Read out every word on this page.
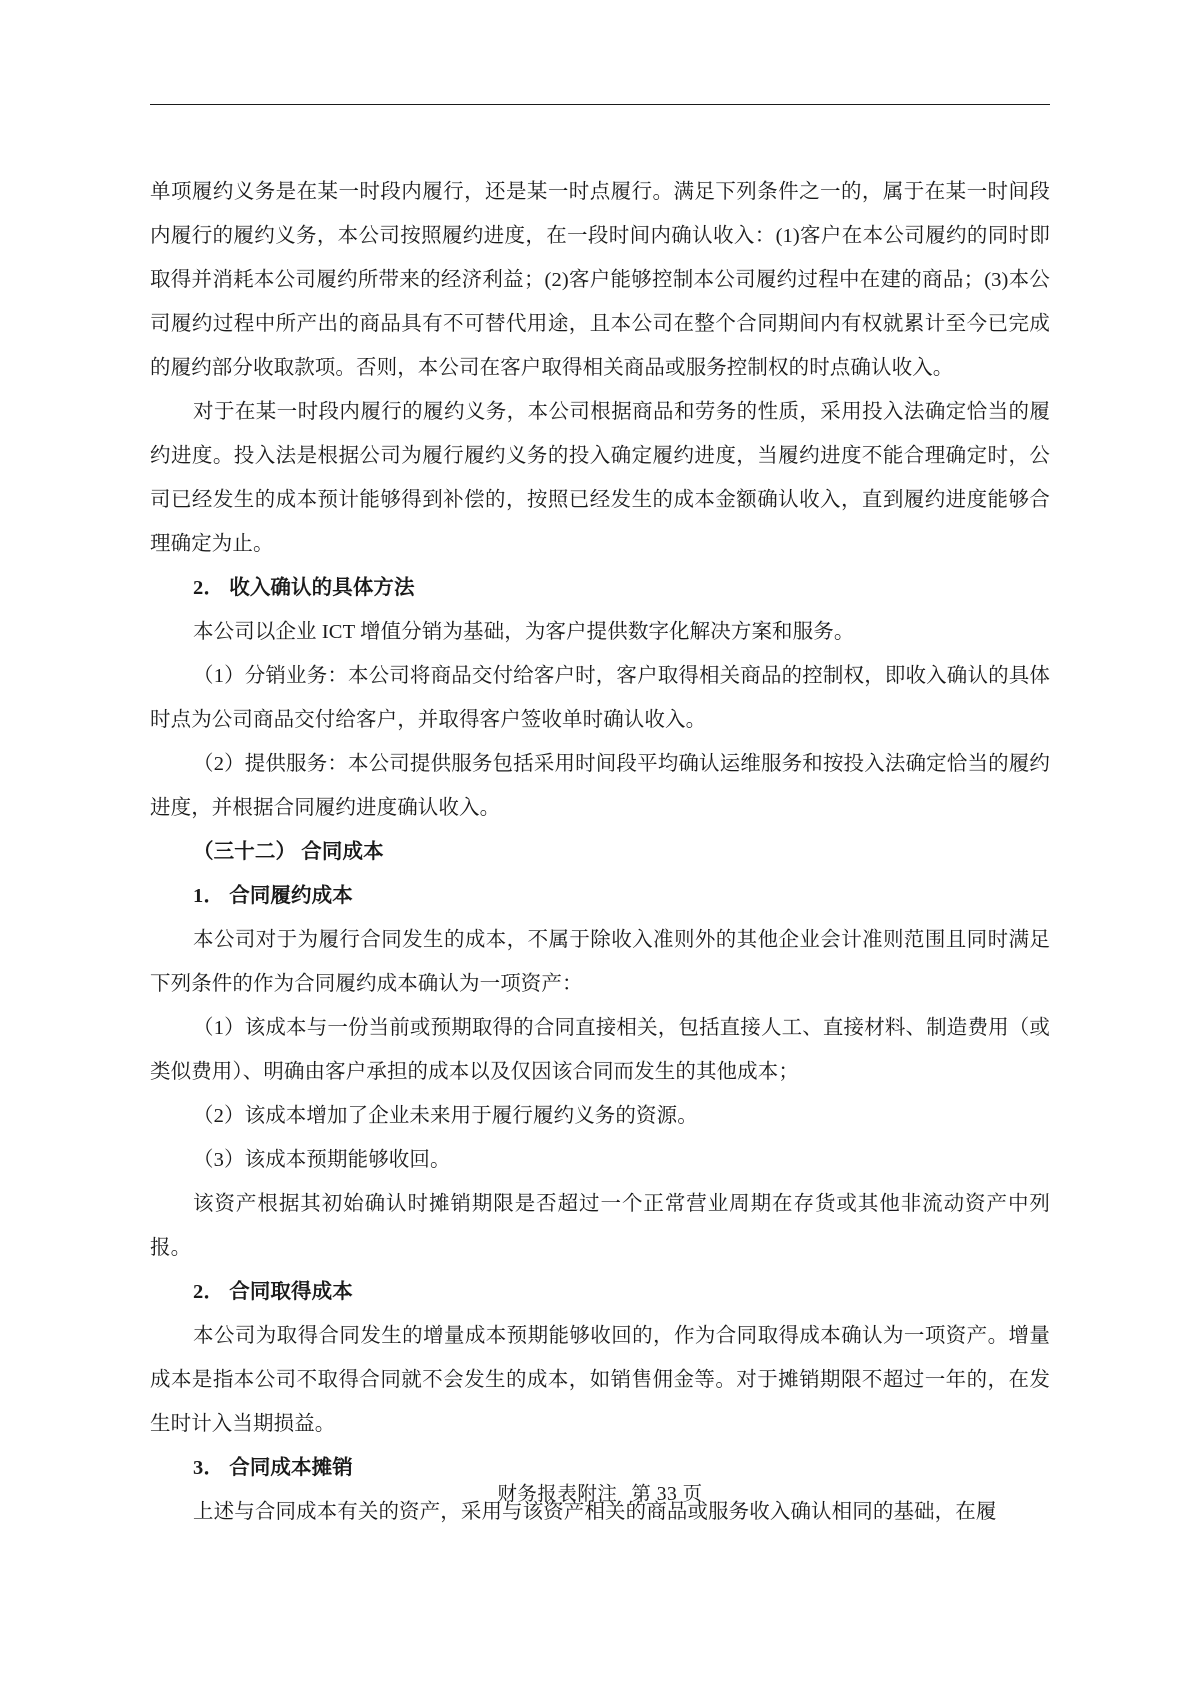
单项履约义务是在某一时段内履行，还是某一时点履行。满足下列条件之一的，属于在某一时间段内履行的履约义务，本公司按照履约进度，在一段时间内确认收入：(1)客户在本公司履约的同时即取得并消耗本公司履约所带来的经济利益；(2)客户能够控制本公司履约过程中在建的商品；(3)本公司履约过程中所产出的商品具有不可替代用途，且本公司在整个合同期间内有权就累计至今已完成的履约部分收取款项。否则，本公司在客户取得相关商品或服务控制权的时点确认收入。

对于在某一时段内履行的履约义务，本公司根据商品和劳务的性质，采用投入法确定恰当的履约进度。投入法是根据公司为履行履约义务的投入确定履约进度，当履约进度不能合理确定时，公司已经发生的成本预计能够得到补偿的，按照已经发生的成本金额确认收入，直到履约进度能够合理确定为止。

2． 收入确认的具体方法

本公司以企业 ICT 增值分销为基础，为客户提供数字化解决方案和服务。

（1）分销业务：本公司将商品交付给客户时，客户取得相关商品的控制权，即收入确认的具体时点为公司商品交付给客户，并取得客户签收单时确认收入。

（2）提供服务：本公司提供服务包括采用时间段平均确认运维服务和按投入法确定恰当的履约进度，并根据合同履约进度确认收入。

（三十二） 合同成本

1． 合同履约成本

本公司对于为履行合同发生的成本，不属于除收入准则外的其他企业会计准则范围且同时满足下列条件的作为合同履约成本确认为一项资产：

（1）该成本与一份当前或预期取得的合同直接相关，包括直接人工、直接材料、制造费用（或类似费用）、明确由客户承担的成本以及仅因该合同而发生的其他成本；

（2）该成本增加了企业未来用于履行履约义务的资源。

（3）该成本预期能够收回。

该资产根据其初始确认时摊销期限是否超过一个正常营业周期在存货或其他非流动资产中列报。

2． 合同取得成本

本公司为取得合同发生的增量成本预期能够收回的，作为合同取得成本确认为一项资产。增量成本是指本公司不取得合同就不会发生的成本，如销售佣金等。对于摊销期限不超过一年的，在发生时计入当期损益。

3． 合同成本摊销

上述与合同成本有关的资产，采用与该资产相关的商品或服务收入确认相同的基础，在履

财务报表附注 第 33 页
